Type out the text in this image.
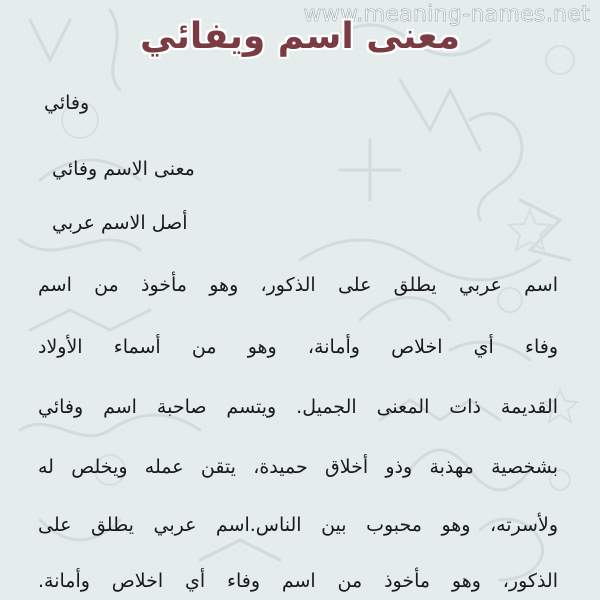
www.meaning-names.net
معنى اسم ويفائي
وفائي
معنى الاسم وفائي
أصل الاسم عربي
اسم عربي يطلق على الذكور، وهو مأخوذ من اسم
وفاء أي اخلاص وأمانة، وهو من أسماء الأولاد
القديمة ذات المعنى الجميل. ويتسم صاحبة اسم وفائي
بشخصية مهذبة وذو أخلاق حميدة، يتقن عمله ويخلص له
ولأسرته، وهو محبوب بين الناس.اسم عربي يطلق على
الذكور، وهو مأخوذ من اسم وفاء أي اخلاص وأمانة.
